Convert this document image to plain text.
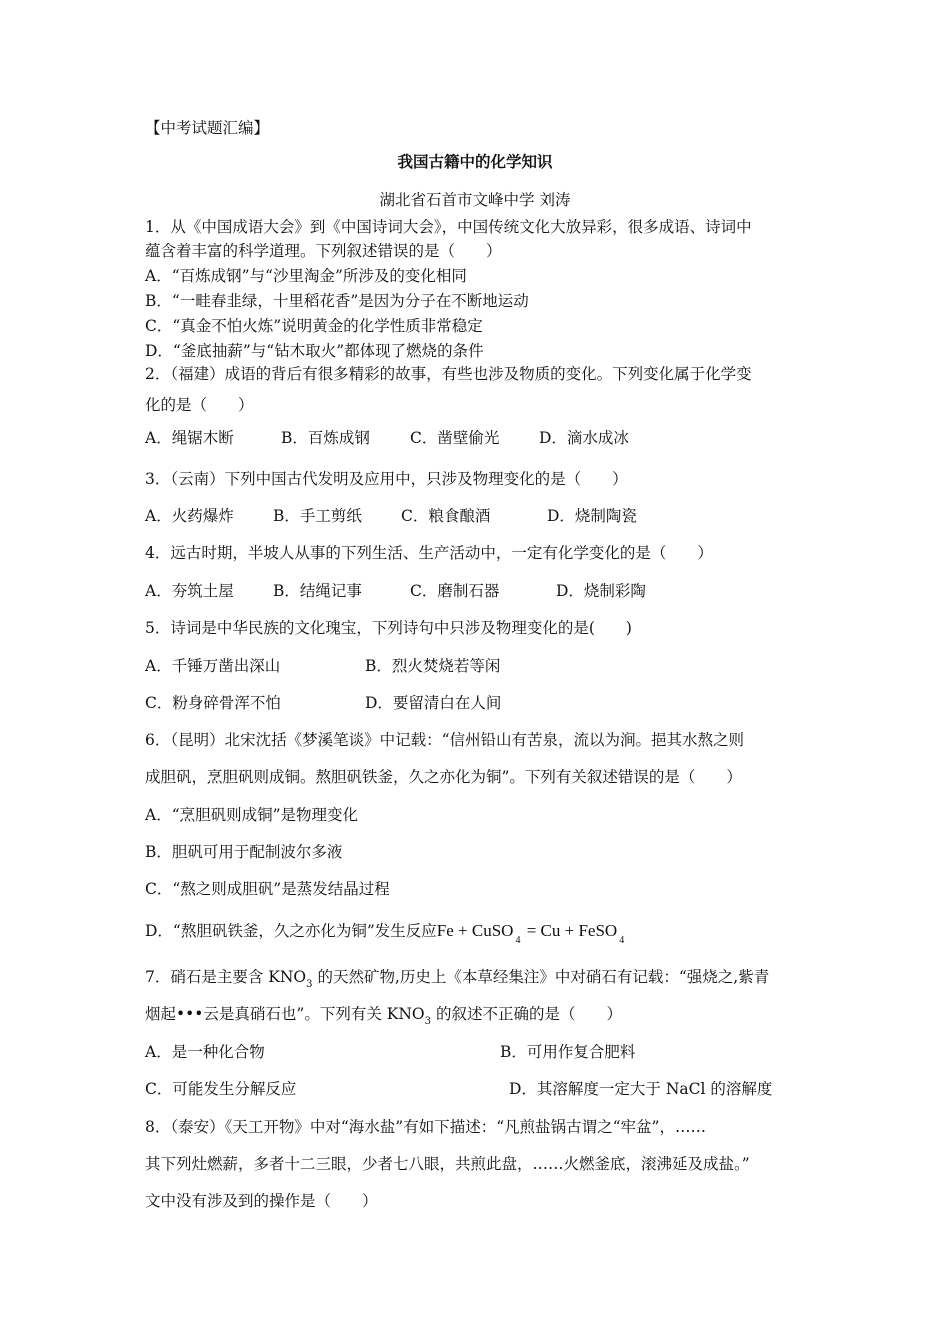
【中考试题汇编】
我国古籍中的化学知识
湖北省石首市文峰中学 刘涛
1．从《中国成语大会》到《中国诗词大会》，中国传统文化大放异彩，很多成语、诗词中
蕴含着丰富的科学道理。下列叙述错误的是（　　）
A．“百炼成钢”与“沙里淘金”所涉及的变化相同
B．“一畦春韭绿，十里稻花香”是因为分子在不断地运动
C．“真金不怕火炼”说明黄金的化学性质非常稳定
D．“釜底抽薪”与“钻木取火”都体现了燃烧的条件
2．（福建）成语的背后有很多精彩的故事，有些也涉及物质的变化。下列变化属于化学变
化的是（　　）
A．绳锯木断	B．百炼成钢	C．凿壁偷光	D．滴水成冰
3．（云南）下列中国古代发明及应用中，只涉及物理变化的是（　　）
A．火药爆炸	B．手工剪纸	C．粮食酿酒	D．烧制陶瓷
4．远古时期，半坡人从事的下列生活、生产活动中，一定有化学变化的是（　　）
A．夯筑土屋	B．结绳记事	C．磨制石器	D．烧制彩陶
5．诗词是中华民族的文化瑰宝，下列诗句中只涉及物理变化的是(　　)
A．千锤万凿出深山	B．烈火焚烧若等闲
C．粉身碎骨浑不怕	D．要留清白在人间
6．（昆明）北宋沈括《梦溪笔谈》中记载：“信州铅山有苦泉，流以为涧。挹其水熬之则
成胆矾，烹胆矾则成铜。熬胆矾铁釜，久之亦化为铜”。下列有关叙述错误的是（　　）
A．“烹胆矾则成铜”是物理变化
B．胆矾可用于配制波尔多液
C．“熬之则成胆矾”是蒸发结晶过程
D．“熬胆矾铁釜，久之亦化为铜”发生反应Fe + CuSO$_4$ = Cu + FeSO$_4$
7．硝石是主要含 $KNO_3$ 的天然矿物,历史上《本草经集注》中对硝石有记载：“强烧之,紫青
烟起•••云是真硝石也”。下列有关 $KNO_3$ 的叙述不正确的是（　　）
A．是一种化合物	B．可用作复合肥料
C．可能发生分解反应	D．其溶解度一定大于 NaCl 的溶解度
8．（泰安）《天工开物》中对“海水盐”有如下描述：“凡煎盐锅古谓之“牢盆”，……
其下列灶燃薪，多者十二三眼，少者七八眼，共煎此盘，……火燃釜底，滚沸延及成盐。”
文中没有涉及到的操作是（　　）
